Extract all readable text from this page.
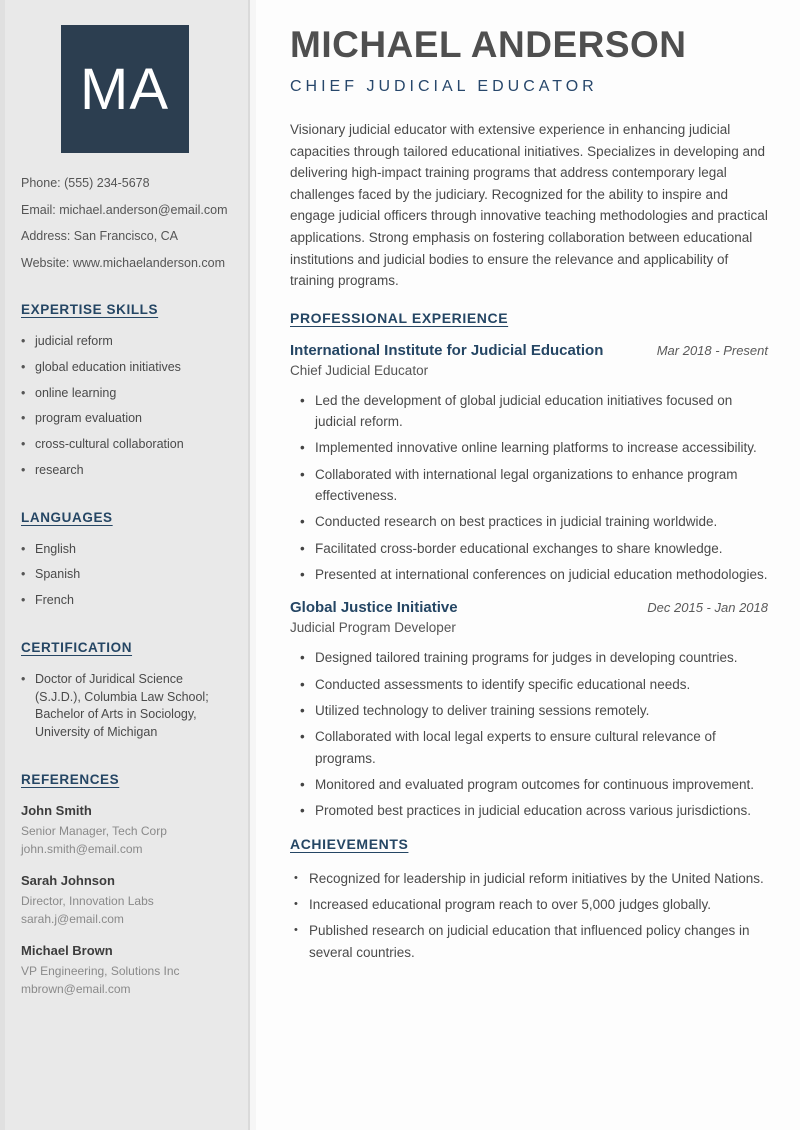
MA

Phone: (555) 234-5678

Email: michael.anderson@email.com

Address: San Francisco, CA

Website: www.michaelanderson.com

EXPERTISE SKILLS
• judicial reform
• global education initiatives
• online learning
• program evaluation
• cross-cultural collaboration
• research
LANGUAGES
• English
• Spanish
• French
CERTIFICATION
• Doctor of Juridical Science (S.J.D.), Columbia Law School; Bachelor of Arts in Sociology, University of Michigan
REFERENCES
John Smith
Senior Manager, Tech Corp
john.smith@email.com
Sarah Johnson
Director, Innovation Labs
sarah.j@email.com
Michael Brown
VP Engineering, Solutions Inc
mbrown@email.com
MICHAEL ANDERSON
CHIEF JUDICIAL EDUCATOR

Visionary judicial educator with extensive experience in enhancing judicial capacities through tailored educational initiatives. Specializes in developing and delivering high-impact training programs that address contemporary legal challenges faced by the judiciary. Recognized for the ability to inspire and engage judicial officers through innovative teaching methodologies and practical applications. Strong emphasis on fostering collaboration between educational institutions and judicial bodies to ensure the relevance and applicability of training programs.

PROFESSIONAL EXPERIENCE
International Institute for Judicial Education	Mar 2018 - Present
Chief Judicial Educator
• Led the development of global judicial education initiatives focused on judicial reform.
• Implemented innovative online learning platforms to increase accessibility.
• Collaborated with international legal organizations to enhance program effectiveness.
• Conducted research on best practices in judicial training worldwide.
• Facilitated cross-border educational exchanges to share knowledge.
• Presented at international conferences on judicial education methodologies.
Global Justice Initiative	Dec 2015 - Jan 2018
Judicial Program Developer
• Designed tailored training programs for judges in developing countries.
• Conducted assessments to identify specific educational needs.
• Utilized technology to deliver training sessions remotely.
• Collaborated with local legal experts to ensure cultural relevance of programs.
• Monitored and evaluated program outcomes for continuous improvement.
• Promoted best practices in judicial education across various jurisdictions.
ACHIEVEMENTS
• Recognized for leadership in judicial reform initiatives by the United Nations.
• Increased educational program reach to over 5,000 judges globally.
• Published research on judicial education that influenced policy changes in several countries.
